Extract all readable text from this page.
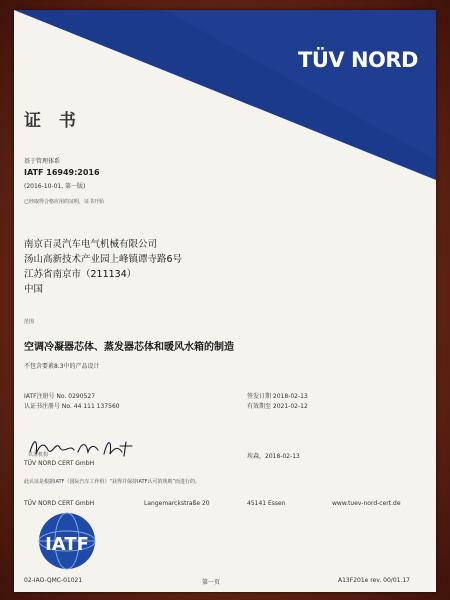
TÜV NORD
证 书
基于管理体系
IATF 16949:2016
(2016-10-01, 第一版)
已经取得合格应用的证明，证书开始
南京百灵汽车电气机械有限公司
汤山高新技术产业园上峰镇谭寺路6号
江苏省南京市（211134）
中国
范围
空调冷凝器芯体、蒸发器芯体和暖风水箱的制造
不包含要素8.3中的产品设计
IATF注册号 No. 0290527
认证书注册号 No. 44 111 137560
签发日期 2018-02-13
有效期至 2021-02-12
认证机构
TÜV NORD CERT GmbH
埃森，2018-02-13
此认证是根据IATF（国际汽车工作组）“获得并保持IATF认可的规则”而进行的。
TÜV NORD CERT GmbH	Langemarckstraße 20	45141 Essen	www.tuev-nord-cert.de
IATF
02-IAO-QMC-01021	第一页	A13F201e rev. 00/01.17
